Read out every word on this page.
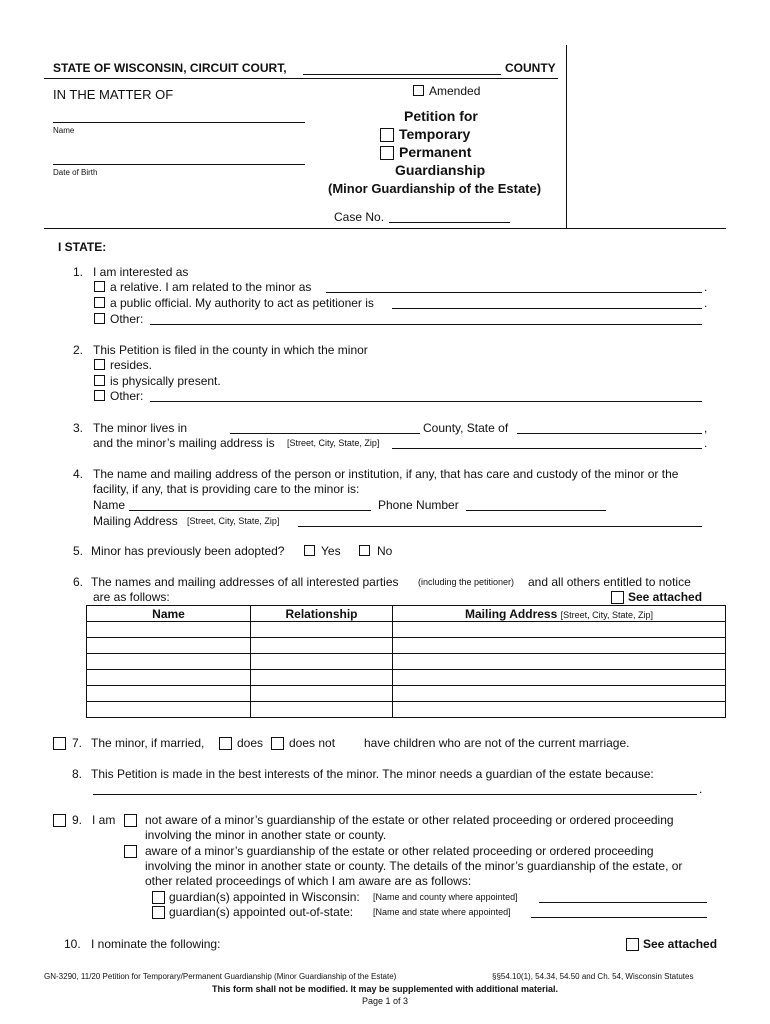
STATE OF WISCONSIN, CIRCUIT COURT,	COUNTY
IN THE MATTER OF
Name
Date of Birth
Amended
Petition for
Temporary
Permanent
Guardianship
(Minor Guardianship of the Estate)
Case No.
I STATE:
1. I am interested as
a relative. I am related to the minor as	.
a public official. My authority to act as petitioner is	.
Other:
2. This Petition is filed in the county in which the minor
resides.
is physically present.
Other:
3. The minor lives in	County, State of	,
and the minor’s mailing address is [Street, City, State, Zip]	.
4. The name and mailing address of the person or institution, if any, that has care and custody of the minor or the
facility, if any, that is providing care to the minor is:
Name	Phone Number
Mailing Address [Street, City, State, Zip]
5. Minor has previously been adopted?	Yes	No
6. The names and mailing addresses of all interested parties (including the petitioner) and all others entitled to notice
are as follows:	See attached
Name	Relationship	Mailing Address [Street, City, State, Zip]

7. The minor, if married,	does does not have children who are not of the current marriage.
8. This Petition is made in the best interests of the minor. The minor needs a guardian of the estate because:
.
9. I am not aware of a minor’s guardianship of the estate or other related proceeding or ordered proceeding
involving the minor in another state or county.
aware of a minor’s guardianship of the estate or other related proceeding or ordered proceeding
involving the minor in another state or county. The details of the minor’s guardianship of the estate, or
other related proceedings of which I am aware are as follows:
guardian(s) appointed in Wisconsin: [Name and county where appointed]
guardian(s) appointed out-of-state: [Name and state where appointed]
10. I nominate the following:	See attached
GN-3290, 11/20 Petition for Temporary/Permanent Guardianship (Minor Guardianship of the Estate)	§§54.10(1), 54.34, 54.50 and Ch. 54, Wisconsin Statutes
This form shall not be modified. It may be supplemented with additional material.
Page 1 of 3
